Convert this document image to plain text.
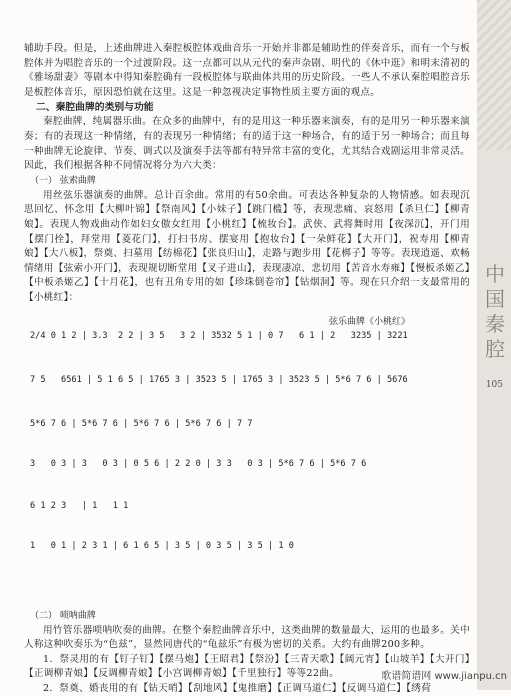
中
国
秦
腔
105

辅助手段。但是，上述曲牌进入秦腔板腔体戏曲音乐一开始并非都是辅助性的伴奏音乐，而有一个与板腔体并为唱腔音乐的一个过渡阶段。这一点都可以从元代的秦声杂剧、明代的《休中逛》和明末清初的《雅场甜妻》等剧本中得知秦腔确有一段板腔体与联曲体共用的历史阶段。一些人不承认秦腔唱腔音乐是板腔体音乐，原因恐怕就在这里。这是一种忽视决定事物性质主要方面的观点。

二、秦腔曲牌的类别与功能

秦腔曲牌，纯属器乐曲。在众多的曲牌中，有的是用这一种乐器来演奏，有的是用另一种乐器来演奏；有的表现这一种情绪，有的表现另一种情绪；有的适于这一种场合，有的适于另一种场合；而且每一种曲牌无论旋律、节奏、调式以及演奏手法等都有特异常丰富的变化，尤其结合戏剧运用非常灵活。因此，我们根据各种不同情况将分为六大类：

（一） 弦索曲牌

用丝弦乐器演奏的曲牌。总计百余曲。常用的有50余曲。可表达各种复杂的人物情感。如表现沉思回忆、怀念用【大柳叶锦】【祭南风】【小妹子】【跳门槛】等，表现悲痛、哀怒用【杀旦仁】【柳青娘】。表现人物戏曲动作如妇女傲女红用【小桃红】【梳妆台】。武侠、武将舞时用【夜深沉】，开门用【摆门拴】，拜堂用【菱花门】，打扫书房、摆宴用【抱妆台】【一朵鲜花】【大开门】，祝寿用【柳青娘】【大八板】，祭奠、扫墓用【纺棉花】【张良归山】，走路与跑步用【花梆子】等等。表现逍遥、欢畅情绪用【弦索小开门】，表现规切断堂用【叉子进山】，表现凄凉、悲切用【苦音水寿雍】【慢板杀姬乙】【中板杀姬乙】【十月花】，也有丑角专用的如【珍珠倒卷帘】【钻烟洞】等。现在只介绍一支最常用的【小桃红】：

弦乐曲牌《小桃红》
2/4 0 1 2 | 3.3  2 2 | 3 5   3 2 | 3532 5 1 | 0 7   6 1 | 2   3235 | 3221
7 5   6561 | 5 1 6 5 | 1765 3 | 3523 5 | 1765 3 | 3523 5 | 5*6 7 6 | 5676
5*6 7 6 | 5*6 7 6 | 5*6 7 6 | 5*6 7 6 | 7 7
3   0 3 | 3   0 3 | 0 5 6 | 2 2 0 | 3 3   0 3 | 5*6 7 6 | 5*6 7 6
6 1 2 3   | 1   1 1
1   0 1 | 2 3 1 | 6 1 6 5 | 3 5 | 0 3 5 | 3 5 | 1 0
（二） 唢呐曲牌

用竹管乐器唢呐吹奏的曲牌。在整个秦腔曲牌音乐中，这类曲牌的数量最大，运用的也最多。关中人称这种吹奏乐为“色兹”，显然同唐代的“龟兹乐”有极为密切的关系。大约有曲牌200多种。

1．祭灵用的有【钉子钉】【摆马炮】【王昭君】【祭汾】【三青天歌】【阔元宵】【山坡羊】【大开门】【正调柳青娘】【反调柳青娘】【小宫调柳青娘】【千里独行】等等22曲。

2．祭奠、婚丧用的有【钻天哨】【刮地风】【鬼推磨】【正调马道仁】【反调马道仁】【绣荷

歌谱简谱网 www.jianpu.cn
